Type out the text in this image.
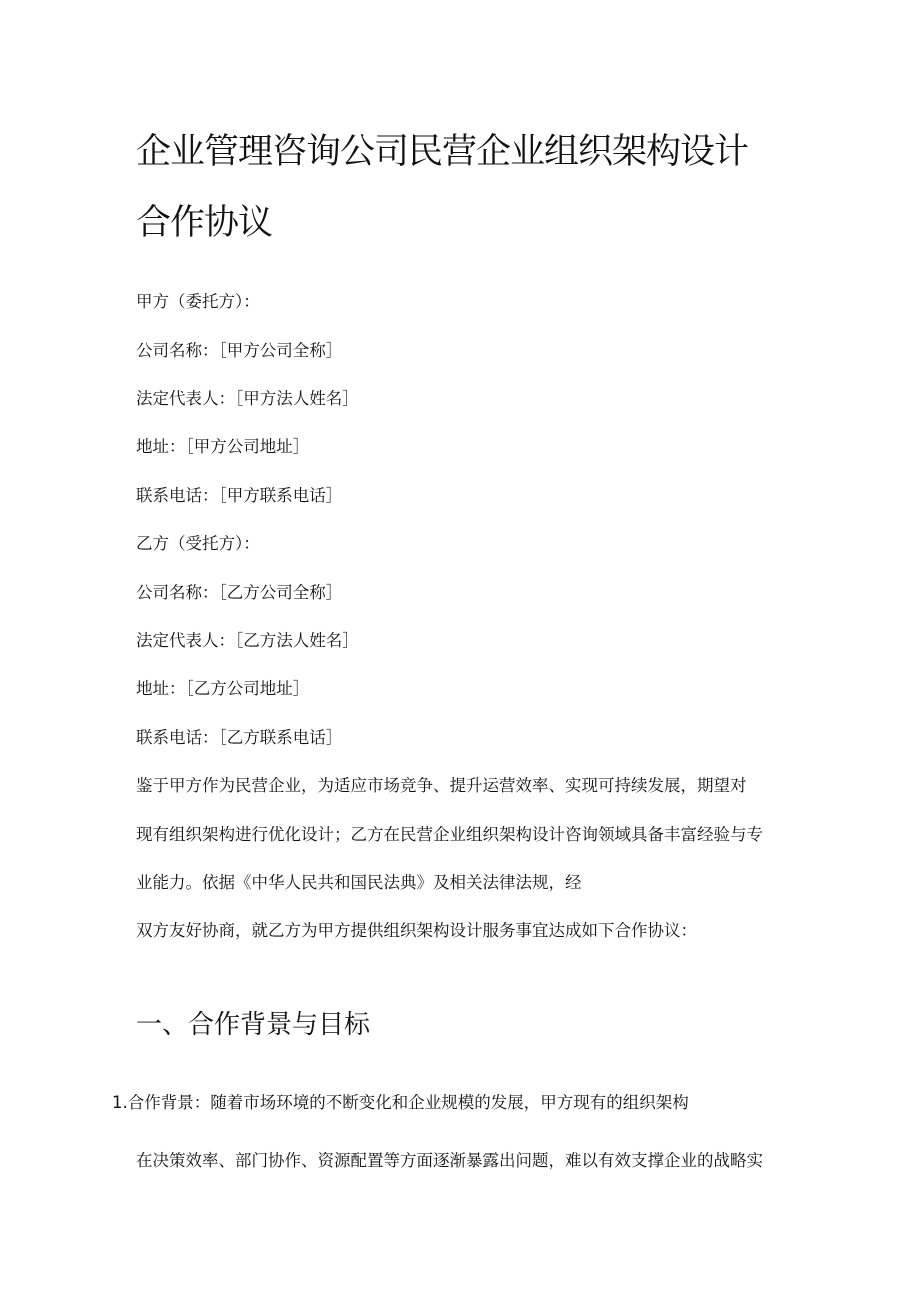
企业管理咨询公司民营企业组织架构设计
合作协议
甲方（委托方）：
公司名称：［甲方公司全称］
法定代表人：［甲方法人姓名］
地址：［甲方公司地址］
联系电话：［甲方联系电话］
乙方（受托方）：
公司名称：［乙方公司全称］
法定代表人：［乙方法人姓名］
地址：［乙方公司地址］
联系电话：［乙方联系电话］
鉴于甲方作为民营企业，为适应市场竞争、提升运营效率、实现可持续发展，期望对
现有组织架构进行优化设计；乙方在民营企业组织架构设计咨询领域具备丰富经验与专
业能力。依据《中华人民共和国民法典》及相关法律法规，经
双方友好协商，就乙方为甲方提供组织架构设计服务事宜达成如下合作协议：
一、合作背景与目标
1.合作背景：随着市场环境的不断变化和企业规模的发展，甲方现有的组织架构
在决策效率、部门协作、资源配置等方面逐渐暴露出问题，难以有效支撑企业的战略实
